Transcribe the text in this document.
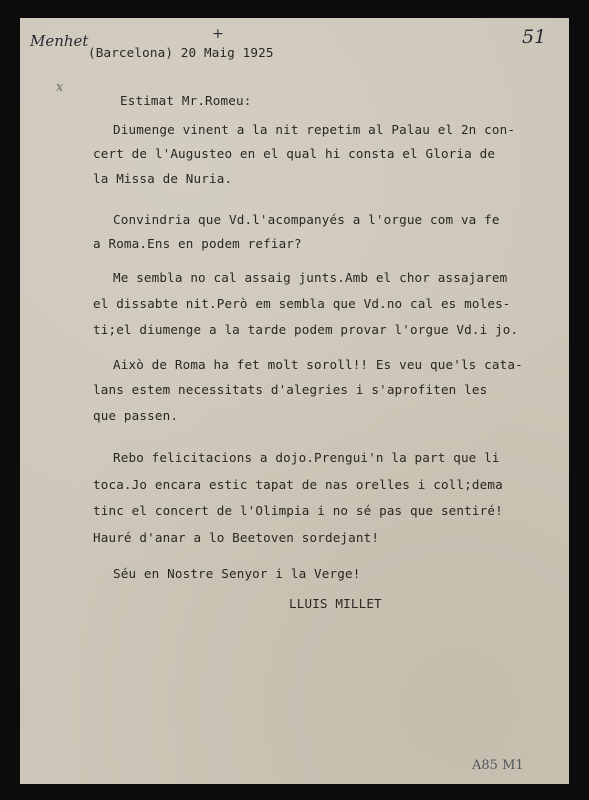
Menhet	51
x
+
(Barcelona) 20 Maig 1925
Estimat Mr.Romeu:
Diumenge vinent a la nit repetim al Palau el 2n con-
cert de l'Augusteo en el qual hi consta el Gloria de
la Missa de Nuria.
Convindria que Vd.l'acompanyés a l'orgue com va fe
a Roma.Ens en podem refiar?
Me sembla no cal assaig junts.Amb el chor assajarem
el dissabte nit.Però em sembla que Vd.no cal es moles-
ti;el diumenge a la tarde podem provar l'orgue Vd.i jo.
Això de Roma ha fet molt soroll!! Es veu que'ls cata-
lans estem necessitats d'alegries i s'aprofiten les
que passen.
Rebo felicitacions a dojo.Prengui'n la part que li
toca.Jo encara estic tapat de nas orelles i coll;dema
tinc el concert de l'Olimpia i no sé pas que sentiré!
Hauré d'anar a lo Beetoven sordejant!
Séu en Nostre Senyor i la Verge!
LLUIS MILLET
A85 M1
